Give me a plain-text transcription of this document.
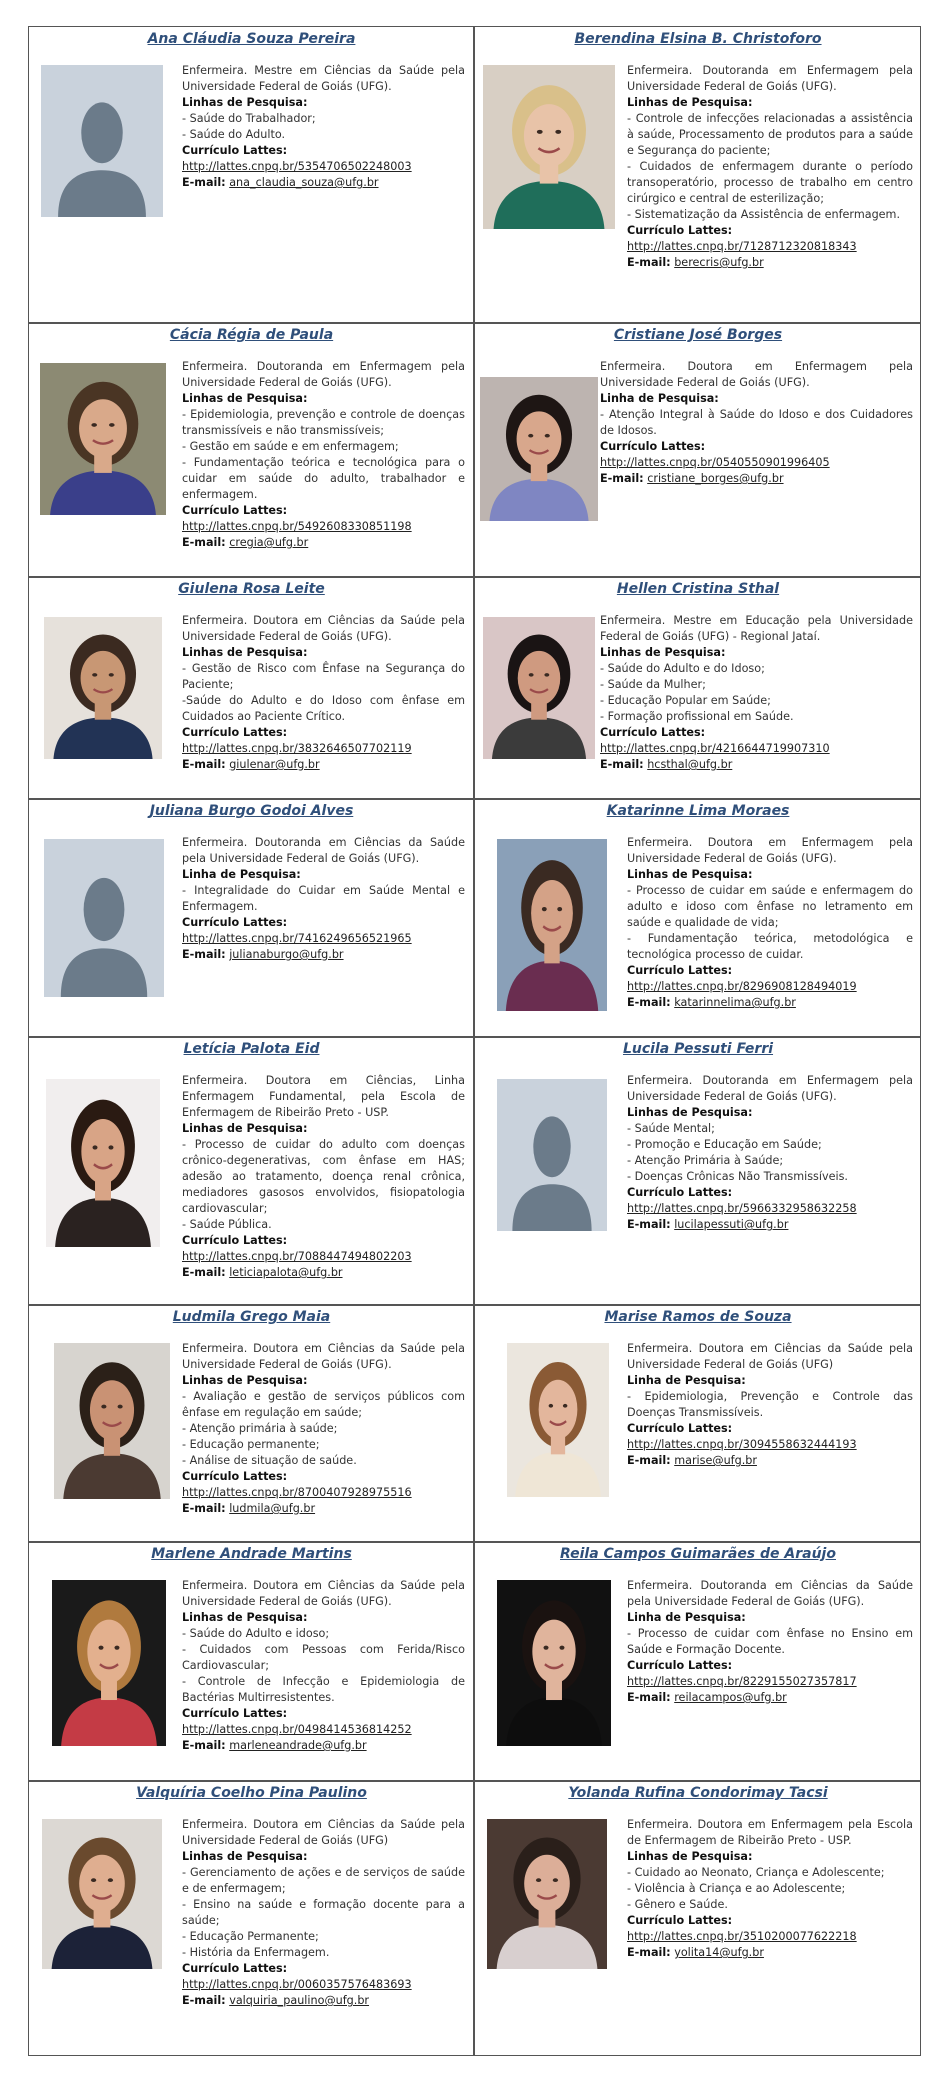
Ana Cláudia Souza Pereira

Enfermeira. Mestre em Ciências da Saúde pela Universidade Federal de Goiás (UFG).

Linhas de Pesquisa:

- Saúde do Trabalhador;

- Saúde do Adulto.

Currículo Lattes:

http://lattes.cnpq.br/5354706502248003

E-mail: ana_claudia_souza@ufg.br
Berendina Elsina B. Christoforo

Enfermeira. Doutoranda em Enfermagem pela Universidade Federal de Goiás (UFG).

Linhas de Pesquisa:

- Controle de infecções relacionadas a assistência à saúde, Processamento de produtos para a saúde e Segurança do paciente;

- Cuidados de enfermagem durante o período transoperatório, processo de trabalho em centro cirúrgico e central de esterilização;

- Sistematização da Assistência de enfermagem.

Currículo Lattes:

http://lattes.cnpq.br/7128712320818343

E-mail: berecris@ufg.br
Cácia Régia de Paula

Enfermeira. Doutoranda em Enfermagem pela Universidade Federal de Goiás (UFG).

Linhas de Pesquisa:

- Epidemiologia, prevenção e controle de doenças transmissíveis e não transmissíveis;

- Gestão em saúde e em enfermagem;

- Fundamentação teórica e tecnológica para o cuidar em saúde do adulto, trabalhador e enfermagem.

Currículo Lattes:

http://lattes.cnpq.br/5492608330851198

E-mail: cregia@ufg.br
Cristiane José Borges

Enfermeira. Doutora em Enfermagem pela Universidade Federal de Goiás (UFG).

Linha de Pesquisa:

- Atenção Integral à Saúde do Idoso e dos Cuidadores de Idosos.

Currículo Lattes:

http://lattes.cnpq.br/0540550901996405

E-mail: cristiane_borges@ufg.br
Giulena Rosa Leite

Enfermeira. Doutora em Ciências da Saúde pela Universidade Federal de Goiás (UFG).

Linhas de Pesquisa:

- Gestão de Risco com Ênfase na Segurança do Paciente;

-Saúde do Adulto e do Idoso com ênfase em Cuidados ao Paciente Crítico.

Currículo Lattes:

http://lattes.cnpq.br/3832646507702119

E-mail: giulenar@ufg.br
Hellen Cristina Sthal

Enfermeira. Mestre em Educação pela Universidade Federal de Goiás (UFG) - Regional Jataí.

Linhas de Pesquisa:

- Saúde do Adulto e do Idoso;

- Saúde da Mulher;

- Educação Popular em Saúde;

- Formação profissional em Saúde.

Currículo Lattes:

http://lattes.cnpq.br/4216644719907310

E-mail: hcsthal@ufg.br
Juliana Burgo Godoi Alves

Enfermeira. Doutoranda em Ciências da Saúde pela Universidade Federal de Goiás (UFG).

Linha de Pesquisa:

- Integralidade do Cuidar em Saúde Mental e Enfermagem.

Currículo Lattes:

http://lattes.cnpq.br/7416249656521965

E-mail: julianaburgo@ufg.br
Katarinne Lima Moraes

Enfermeira. Doutora em Enfermagem pela Universidade Federal de Goiás (UFG).

Linhas de Pesquisa:

- Processo de cuidar em saúde e enfermagem do adulto e idoso com ênfase no letramento em saúde e qualidade de vida;

- Fundamentação teórica, metodológica e tecnológica processo de cuidar.

Currículo Lattes:

http://lattes.cnpq.br/8296908128494019

E-mail: katarinnelima@ufg.br
Letícia Palota Eid

Enfermeira. Doutora em Ciências, Linha Enfermagem Fundamental, pela Escola de Enfermagem de Ribeirão Preto - USP.

Linhas de Pesquisa:

- Processo de cuidar do adulto com doenças crônico-degenerativas, com ênfase em HAS; adesão ao tratamento, doença renal crônica, mediadores gasosos envolvidos, fisiopatologia cardiovascular;

- Saúde Pública.

Currículo Lattes:

http://lattes.cnpq.br/7088447494802203

E-mail: leticiapalota@ufg.br
Lucila Pessuti Ferri

Enfermeira. Doutoranda em Enfermagem pela Universidade Federal de Goiás (UFG).

Linhas de Pesquisa:

- Saúde Mental;

- Promoção e Educação em Saúde;

- Atenção Primária à Saúde;

- Doenças Crônicas Não Transmissíveis.

Currículo Lattes:

http://lattes.cnpq.br/5966332958632258

E-mail: lucilapessuti@ufg.br
Ludmila Grego Maia

Enfermeira. Doutora em Ciências da Saúde pela Universidade Federal de Goiás (UFG).

Linhas de Pesquisa:

- Avaliação e gestão de serviços públicos com ênfase em regulação em saúde;

- Atenção primária à saúde;

- Educação permanente;

- Análise de situação de saúde.

Currículo Lattes:

http://lattes.cnpq.br/8700407928975516

E-mail: ludmila@ufg.br
Marise Ramos de Souza

Enfermeira. Doutora em Ciências da Saúde pela Universidade Federal de Goiás (UFG)

Linha de Pesquisa:

- Epidemiologia, Prevenção e Controle das Doenças Transmissíveis.

Currículo Lattes:

http://lattes.cnpq.br/3094558632444193

E-mail: marise@ufg.br
Marlene Andrade Martins

Enfermeira. Doutora em Ciências da Saúde pela Universidade Federal de Goiás (UFG).

Linhas de Pesquisa:

- Saúde do Adulto e idoso;

- Cuidados com Pessoas com Ferida/Risco Cardiovascular;

- Controle de Infecção e Epidemiologia de Bactérias Multirresistentes.

Currículo Lattes:

http://lattes.cnpq.br/0498414536814252

E-mail: marleneandrade@ufg.br
Reila Campos Guimarães de Araújo

Enfermeira. Doutoranda em Ciências da Saúde pela Universidade Federal de Goiás (UFG).

Linha de Pesquisa:

- Processo de cuidar com ênfase no Ensino em Saúde e Formação Docente.

Currículo Lattes:

http://lattes.cnpq.br/8229155027357817

E-mail: reilacampos@ufg.br
Valquíria Coelho Pina Paulino

Enfermeira. Doutora em Ciências da Saúde pela Universidade Federal de Goiás (UFG)

Linhas de Pesquisa:

- Gerenciamento de ações e de serviços de saúde e de enfermagem;

- Ensino na saúde e formação docente para a saúde;

- Educação Permanente;

- História da Enfermagem.

Currículo Lattes:

http://lattes.cnpq.br/0060357576483693

E-mail: valquiria_paulino@ufg.br
Yolanda Rufina Condorimay Tacsi

Enfermeira. Doutora em Enfermagem pela Escola de Enfermagem de Ribeirão Preto - USP.

Linhas de Pesquisa:

- Cuidado ao Neonato, Criança e Adolescente;

- Violência à Criança e ao Adolescente;

- Gênero e Saúde.

Currículo Lattes:

http://lattes.cnpq.br/3510200077622218

E-mail: yolita14@ufg.br
